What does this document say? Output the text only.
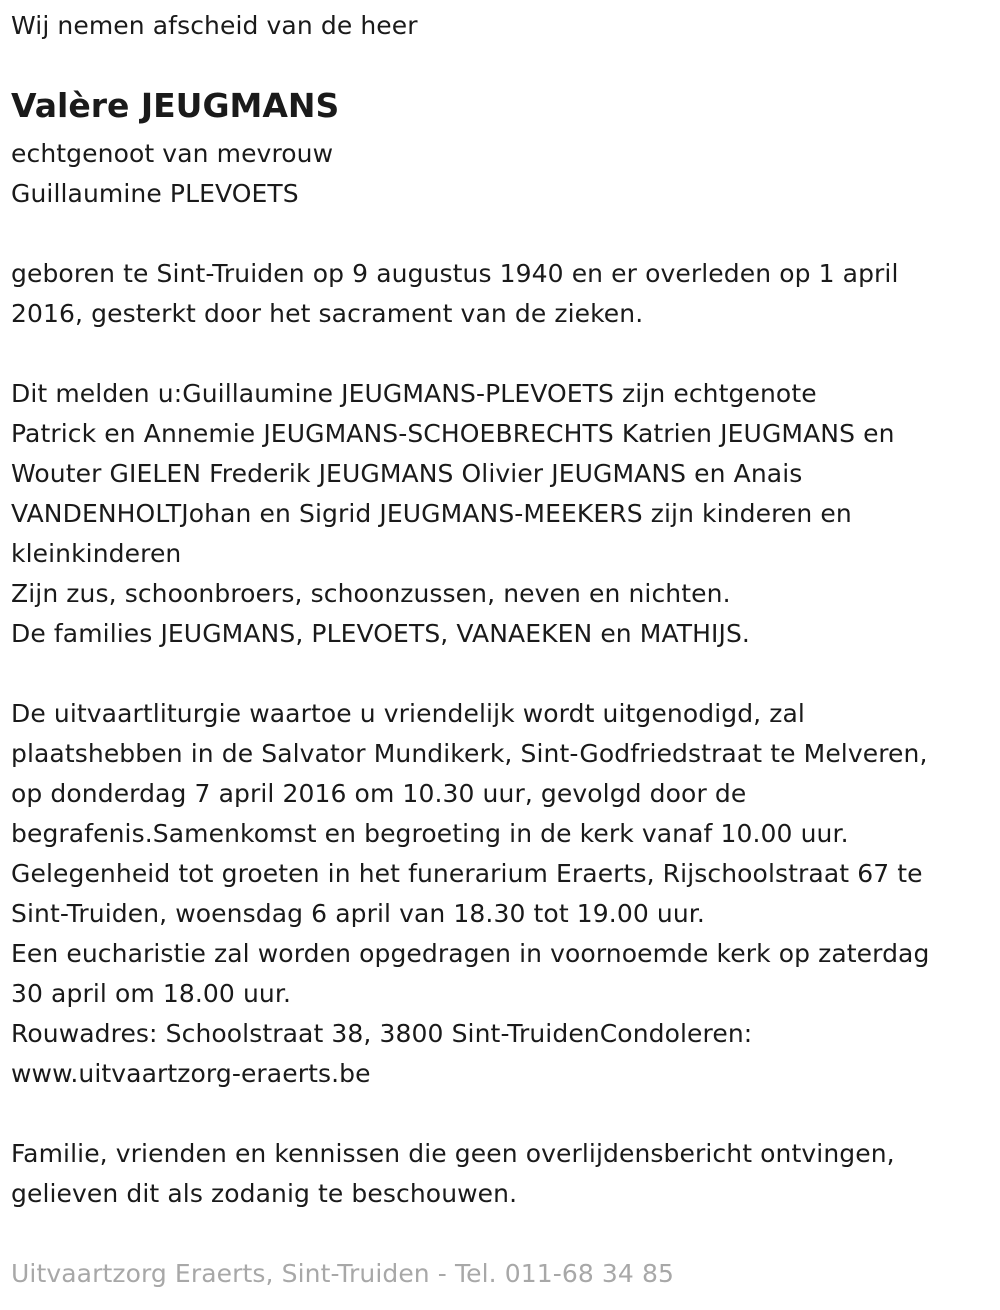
Wij nemen afscheid van de heer

Valère JEUGMANS

echtgenoot van mevrouw

Guillaumine PLEVOETS

geboren te Sint-Truiden op 9 augustus 1940 en er overleden op 1 april

2016, gesterkt door het sacrament van de zieken.

Dit melden u:Guillaumine JEUGMANS-PLEVOETS zijn echtgenote

Patrick en Annemie JEUGMANS-SCHOEBRECHTS Katrien JEUGMANS en

Wouter GIELEN Frederik JEUGMANS Olivier JEUGMANS en Anais

VANDENHOLTJohan en Sigrid JEUGMANS-MEEKERS zijn kinderen en

kleinkinderen

Zijn zus, schoonbroers, schoonzussen, neven en nichten.

De families JEUGMANS, PLEVOETS, VANAEKEN en MATHIJS.

De uitvaartliturgie waartoe u vriendelijk wordt uitgenodigd, zal

plaatshebben in de Salvator Mundikerk, Sint-Godfriedstraat te Melveren,

op donderdag 7 april 2016 om 10.30 uur, gevolgd door de

begrafenis.Samenkomst en begroeting in de kerk vanaf 10.00 uur.

Gelegenheid tot groeten in het funerarium Eraerts, Rijschoolstraat 67 te

Sint-Truiden, woensdag 6 april van 18.30 tot 19.00 uur.

Een eucharistie zal worden opgedragen in voornoemde kerk op zaterdag

30 april om 18.00 uur.

Rouwadres: Schoolstraat 38, 3800 Sint-TruidenCondoleren:

www.uitvaartzorg-eraerts.be

Familie, vrienden en kennissen die geen overlijdensbericht ontvingen,

gelieven dit als zodanig te beschouwen.

Uitvaartzorg Eraerts, Sint-Truiden - Tel. 011-68 34 85
